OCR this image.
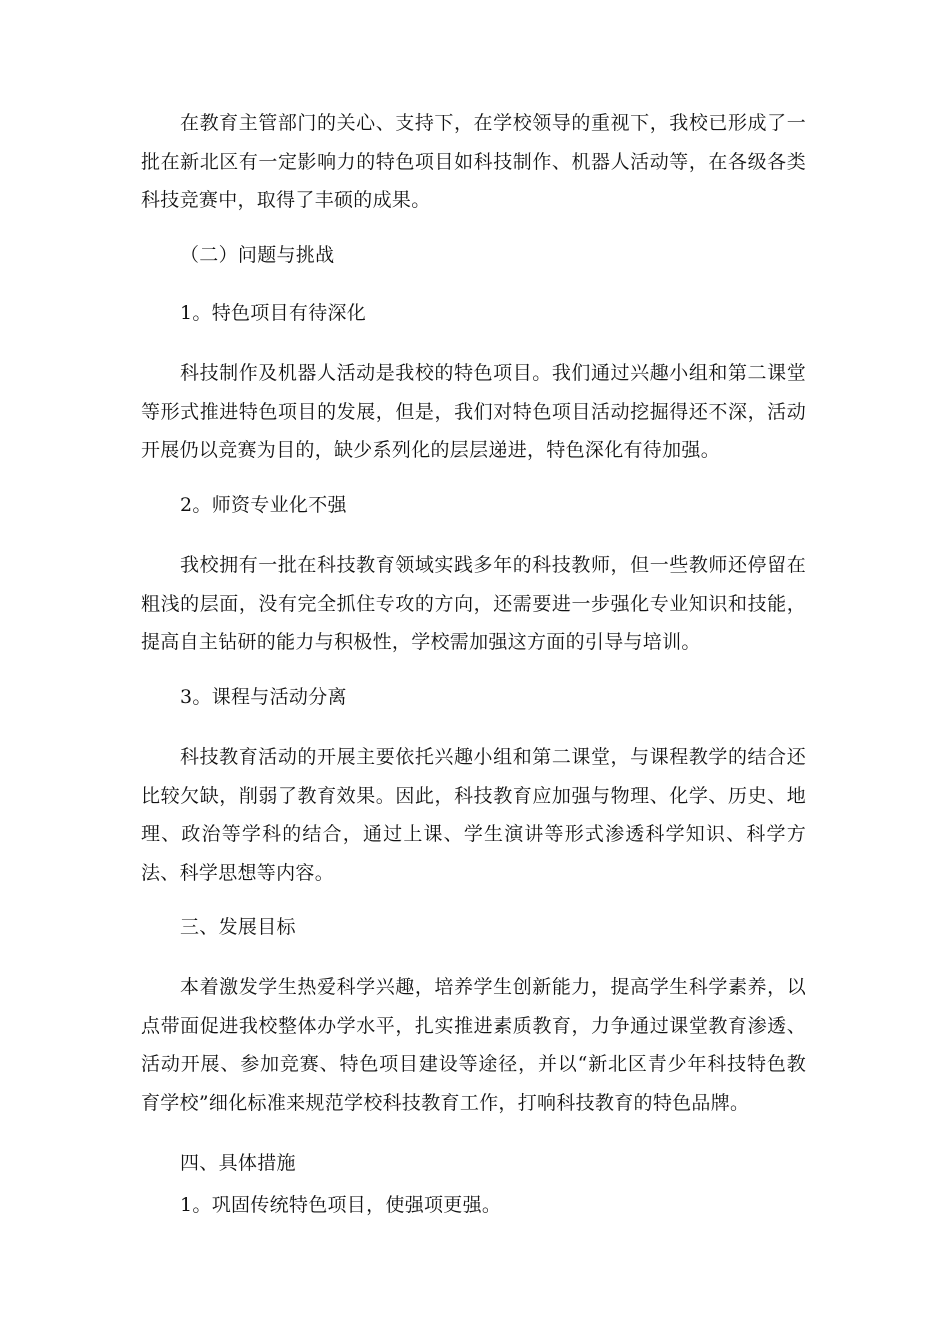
在教育主管部门的关心、支持下，在学校领导的重视下，我校已形成了一批在新北区有一定影响力的特色项目如科技制作、机器人活动等，在各级各类科技竞赛中，取得了丰硕的成果。

（二）问题与挑战

1。特色项目有待深化

科技制作及机器人活动是我校的特色项目。我们通过兴趣小组和第二课堂等形式推进特色项目的发展，但是，我们对特色项目活动挖掘得还不深，活动开展仍以竞赛为目的，缺少系列化的层层递进，特色深化有待加强。

2。师资专业化不强

我校拥有一批在科技教育领域实践多年的科技教师，但一些教师还停留在粗浅的层面，没有完全抓住专攻的方向，还需要进一步强化专业知识和技能，提高自主钻研的能力与积极性，学校需加强这方面的引导与培训。

3。课程与活动分离

科技教育活动的开展主要依托兴趣小组和第二课堂，与课程教学的结合还比较欠缺，削弱了教育效果。因此，科技教育应加强与物理、化学、历史、地理、政治等学科的结合，通过上课、学生演讲等形式渗透科学知识、科学方法、科学思想等内容。

三、发展目标

本着激发学生热爱科学兴趣，培养学生创新能力，提高学生科学素养，以点带面促进我校整体办学水平，扎实推进素质教育，力争通过课堂教育渗透、活动开展、参加竞赛、特色项目建设等途径，并以“新北区青少年科技特色教育学校”细化标准来规范学校科技教育工作，打响科技教育的特色品牌。

四、具体措施

1。巩固传统特色项目，使强项更强。
